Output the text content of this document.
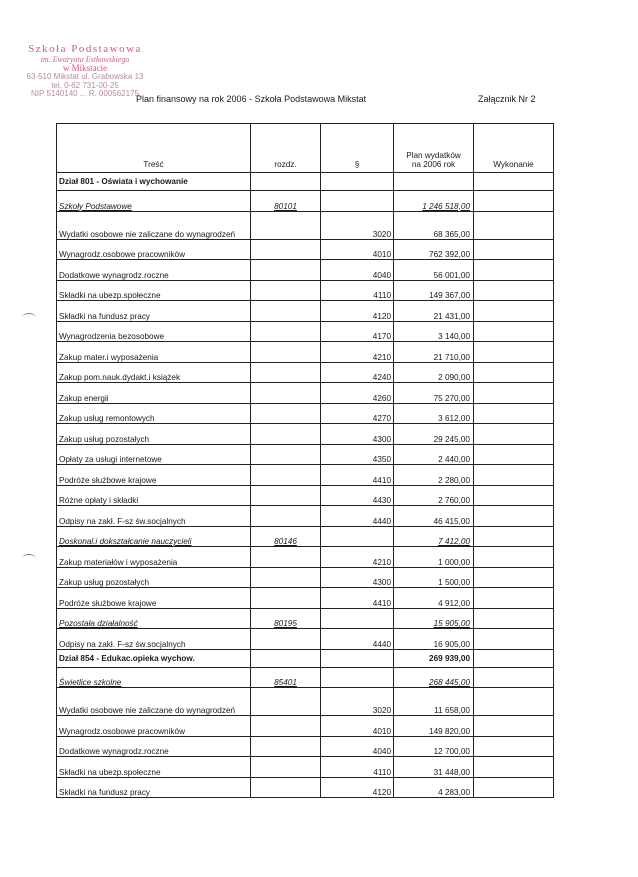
Szkoła Podstawowa
im. Ewaryata Estkowskiego
w Mikstacie
63-510 Mikstat ul. Grabowska 13
tel. 0-62 731-00-25
NIP 5140140 ... R. 000562175
Plan finansowy na rok 2006 - Szkoła Podstawowa Mikstat	Załącznik Nr 2
Treść	rozdz.	§	Plan wydatków
na 2006 rok	Wykonanie
Dział 801 - Oświata i wychowanie				
Szkoły Podstawowe	80101		1 246 518,00	
Wydatki osobowe nie zaliczane do wynagrodzeń		3020	68 365,00	
Wynagrodz.osobowe pracowników		4010	762 392,00	
Dodatkowe wynagrodz.roczne		4040	56 001,00	
Składki na ubezp.społeczne		4110	149 367,00	
Składki na fundusz pracy		4120	21 431,00	
Wynagrodzenia bezosobowe		4170	3 140,00	
Zakup mater.i wyposażenia		4210	21 710,00	
Zakup pom.nauk.dydakt.i książek		4240	2 090,00	
Zakup energii		4260	75 270,00	
Zakup usług remontowych		4270	3 612,00	
Zakup usług pozostałych		4300	29 245,00	
Opłaty za usługi internetowe		4350	2 440,00	
Podróże służbowe krajowe		4410	2 280,00	
Różne opłaty i składki		4430	2 760,00	
Odpisy na zakł. F-sz św.socjalnych		4440	46 415,00	
Doskonal.i dokształcanie nauczycieli	80146		7 412,00	
Zakup materiałów i wyposażenia		4210	1 000,00	
Zakup usług pozostałych		4300	1 500,00	
Podróże służbowe krajowe		4410	4 912,00	
Pozostała działalność	80195		15 905,00	
Odpisy na zakł. F-sz św.socjalnych		4440	16 905,00	
Dział 854 - Edukac.opieka wychow.			269 939,00	
Świetlice szkolne	85401		268 445,00	
Wydatki osobowe nie zaliczane do wynagrodzeń		3020	11 658,00	
Wynagrodz.osobowe pracowników		4010	149 820,00	
Dodatkowe wynagrodz.roczne		4040	12 700,00	
Składki na ubezp.społeczne		4110	31 448,00	
Składki na fundusz pracy		4120	4 283,00	
